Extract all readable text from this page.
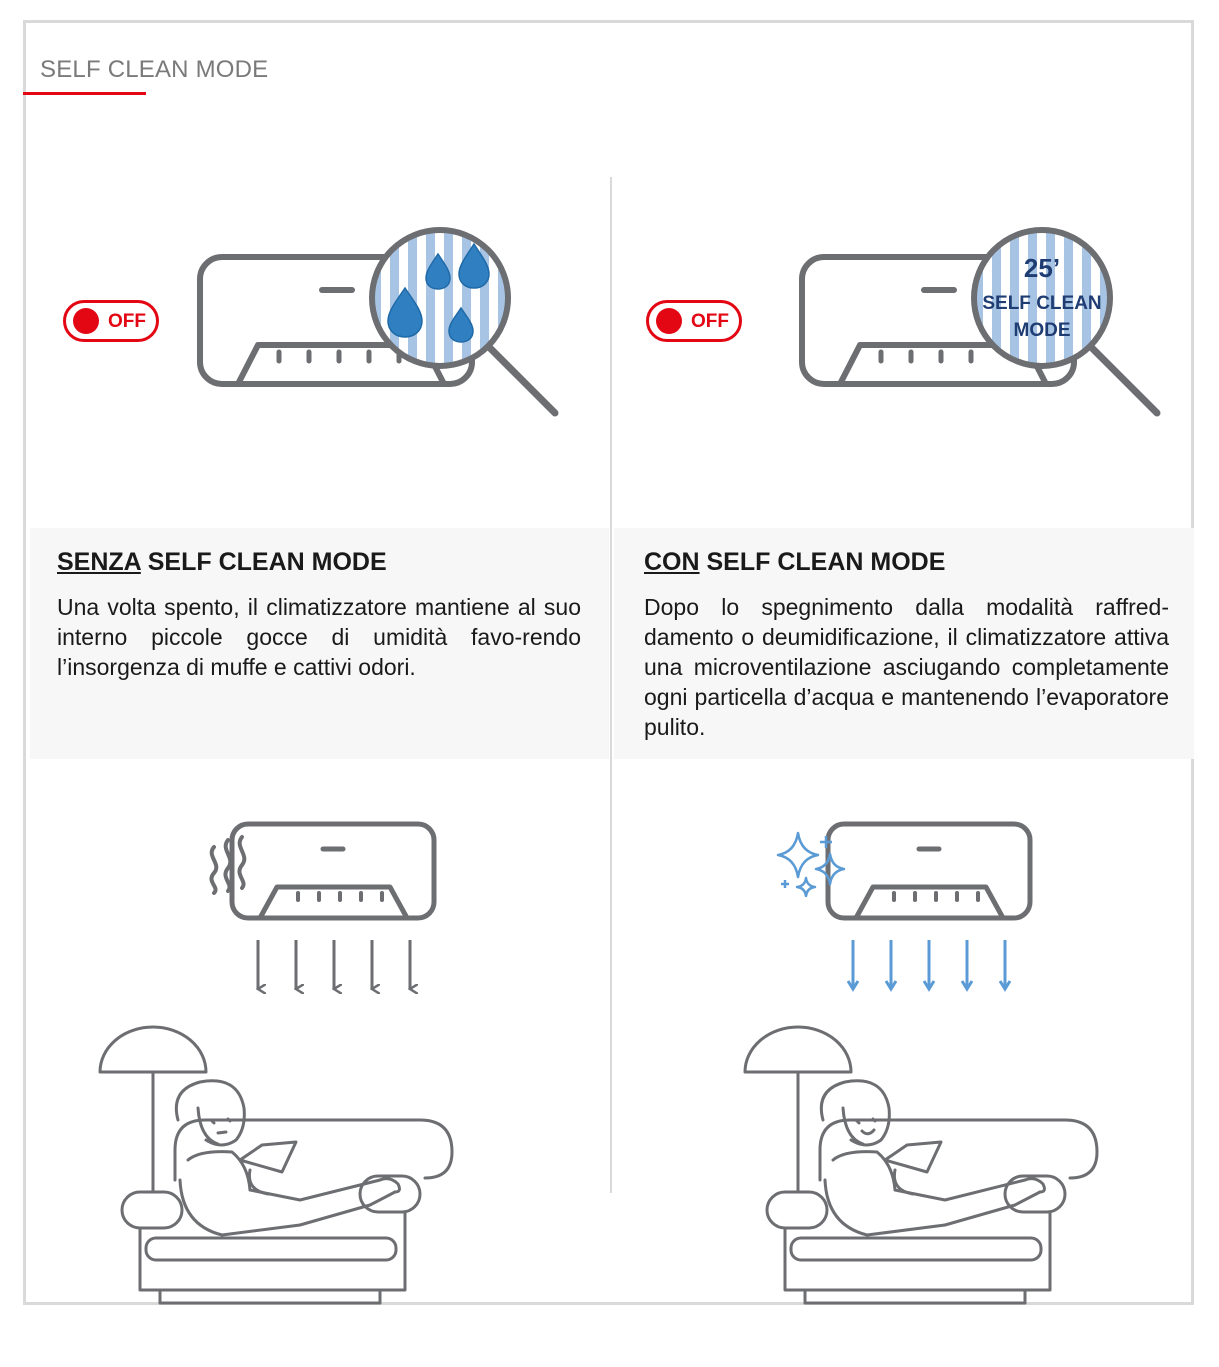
SELF CLEAN MODE
OFF	OFF
25’
SELF CLEAN
MODE
SENZA SELF CLEAN MODE

Una volta spento, il climatizzatore mantiene al suo interno piccole gocce di umidità favo-rendo l’insorgenza di muffe e cattivi odori.

CON SELF CLEAN MODE

Dopo lo spegnimento dalla modalità raffred-damento o deumidificazione, il climatizzatore attiva una microventilazione asciugando completamente ogni particella d’acqua e mantenendo l’evaporatore pulito.
